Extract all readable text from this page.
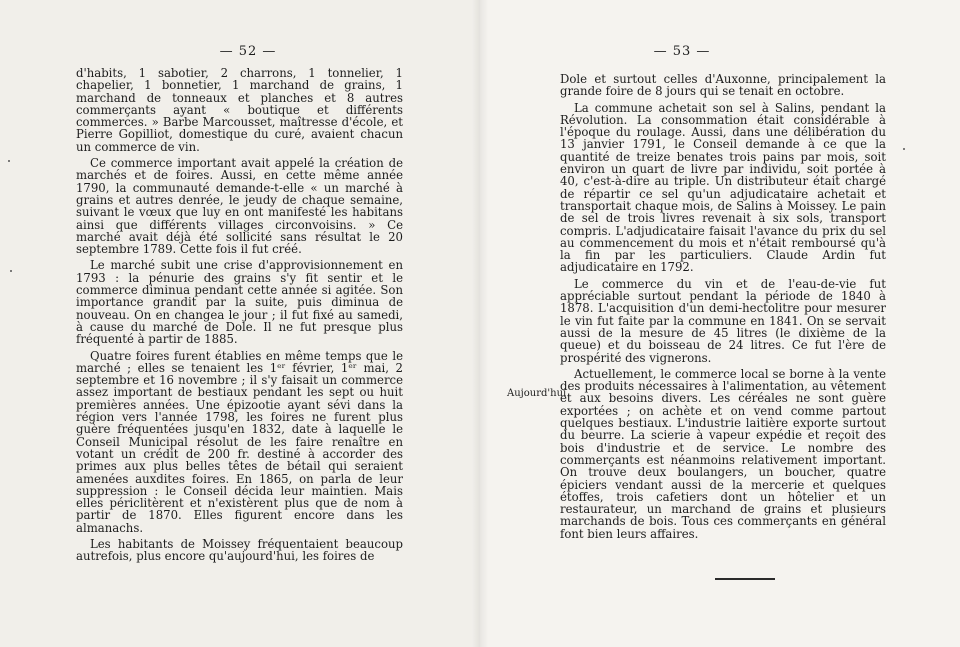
— 52 —

d'habits, 1 sabotier, 2 charrons, 1 tonnelier, 1 chapelier, 1 bonnetier, 1 marchand de grains, 1 marchand de tonneaux et planches et 8 autres commerçants ayant « boutique et différents commerces. » Barbe Marcousset, maîtresse d'école, et Pierre Gopilliot, domestique du curé, avaient chacun un commerce de vin.

Ce commerce important avait appelé la création de marchés et de foires. Aussi, en cette même année 1790, la communauté demande-t-elle « un marché à grains et autres denrée, le jeudy de chaque semaine, suivant le vœux que luy en ont manifesté les habitans ainsi que différents villages circonvoisins. » Ce marché avait déjà été sollicité sans résultat le 20 septembre 1789. Cette fois il fut créé.

Le marché subit une crise d'approvisionnement en 1793 : la pénurie des grains s'y fit sentir et le commerce diminua pendant cette année si agitée. Son importance grandit par la suite, puis diminua de nouveau. On en changea le jour ; il fut fixé au samedi, à cause du marché de Dole. Il ne fut presque plus fréquenté à partir de 1885.

Quatre foires furent établies en même temps que le marché ; elles se tenaient les 1ᵉʳ février, 1ᵉʳ mai, 2 septembre et 16 novembre ; il s'y faisait un commerce assez important de bestiaux pendant les sept ou huit premières années. Une épizootie ayant sévi dans la région vers l'année 1798, les foires ne furent plus guère fréquentées jusqu'en 1832, date à laquelle le Conseil Municipal résolut de les faire renaître en votant un crédit de 200 fr. destiné à accorder des primes aux plus belles têtes de bétail qui seraient amenées auxdites foires. En 1865, on parla de leur suppression : le Conseil décida leur maintien. Mais elles périclitèrent et n'existèrent plus que de nom à partir de 1870. Elles figurent encore dans les almanachs.

Les habitants de Moissey fréquentaient beaucoup autrefois, plus encore qu'aujourd'hui, les foires de

— 53 —
Aujourd'hui

Dole et surtout celles d'Auxonne, principalement la grande foire de 8 jours qui se tenait en octobre.

La commune achetait son sel à Salins, pendant la Révolution. La consommation était considérable à l'époque du roulage. Aussi, dans une délibération du 13 janvier 1791, le Conseil demande à ce que la quantité de treize benates trois pains par mois, soit environ un quart de livre par individu, soit portée à 40, c'est-à-dire au triple. Un distributeur était chargé de répartir ce sel qu'un adjudicataire achetait et transportait chaque mois, de Salins à Moissey. Le pain de sel de trois livres revenait à six sols, transport compris. L'adjudicataire faisait l'avance du prix du sel au commencement du mois et n'était remboursé qu'à la fin par les particuliers. Claude Ardin fut adjudicataire en 1792.

Le commerce du vin et de l'eau-de-vie fut appréciable surtout pendant la période de 1840 à 1878. L'acquisition d'un demi-hectolitre pour mesurer le vin fut faite par la commune en 1841. On se servait aussi de la mesure de 45 litres (le dixième de la queue) et du boisseau de 24 litres. Ce fut l'ère de prospérité des vignerons.

Actuellement, le commerce local se borne à la vente des produits nécessaires à l'alimentation, au vêtement et aux besoins divers. Les céréales ne sont guère exportées ; on achète et on vend comme partout quelques bestiaux. L'industrie laitière exporte surtout du beurre. La scierie à vapeur expédie et reçoit des bois d'industrie et de service. Le nombre des commerçants est néanmoins relativement important. On trouve deux boulangers, un boucher, quatre épiciers vendant aussi de la mercerie et quelques étoffes, trois cafetiers dont un hôtelier et un restaurateur, un marchand de grains et plusieurs marchands de bois. Tous ces commerçants en général font bien leurs affaires.
